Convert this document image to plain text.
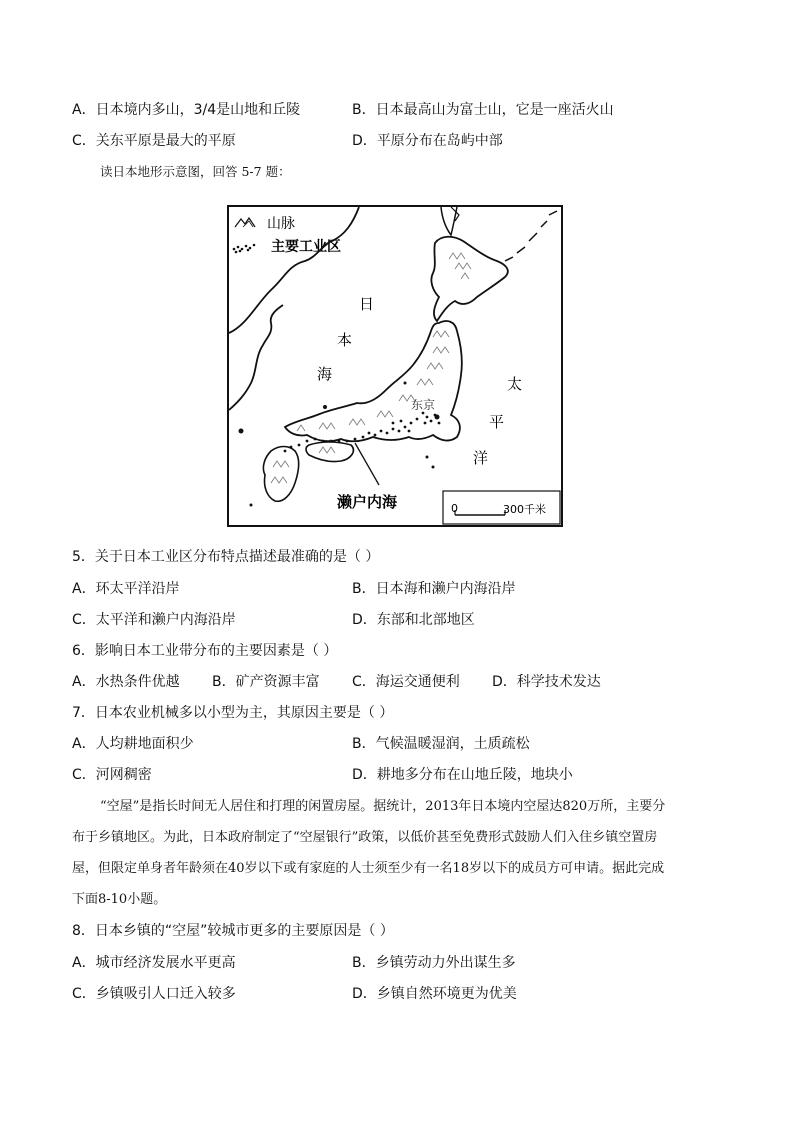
A．日本境内多山，3/4是山地和丘陵	B．日本最高山为富士山，它是一座活火山
C．关东平原是最大的平原	D．平原分布在岛屿中部
读日本地形示意图，回答 5-7 题：
山脉
主要工业区
日
本
海
太
平
洋
东京
濑户内海	0	300千米
5．关于日本工业区分布特点描述最准确的是（ ）
A．环太平洋沿岸	B．日本海和濑户内海沿岸
C．太平洋和濑户内海沿岸	D．东部和北部地区
6．影响日本工业带分布的主要因素是（ ）
A．水热条件优越 B．矿产资源丰富 C．海运交通便利 D．科学技术发达
7．日本农业机械多以小型为主，其原因主要是（ ）
A．人均耕地面积少	B．气候温暖湿润，土质疏松
C．河网稠密	D．耕地多分布在山地丘陵，地块小

“空屋”是指长时间无人居住和打理的闲置房屋。据统计，2013年日本境内空屋达820万所，主要分

布于乡镇地区。为此，日本政府制定了“空屋银行”政策，以低价甚至免费形式鼓励人们入住乡镇空置房

屋，但限定单身者年龄须在40岁以下或有家庭的人士须至少有一名18岁以下的成员方可申请。据此完成

下面8-10小题。

8．日本乡镇的“空屋”较城市更多的主要原因是（ ）
A．城市经济发展水平更高	B．乡镇劳动力外出谋生多
C．乡镇吸引人口迁入较多	D．乡镇自然环境更为优美
